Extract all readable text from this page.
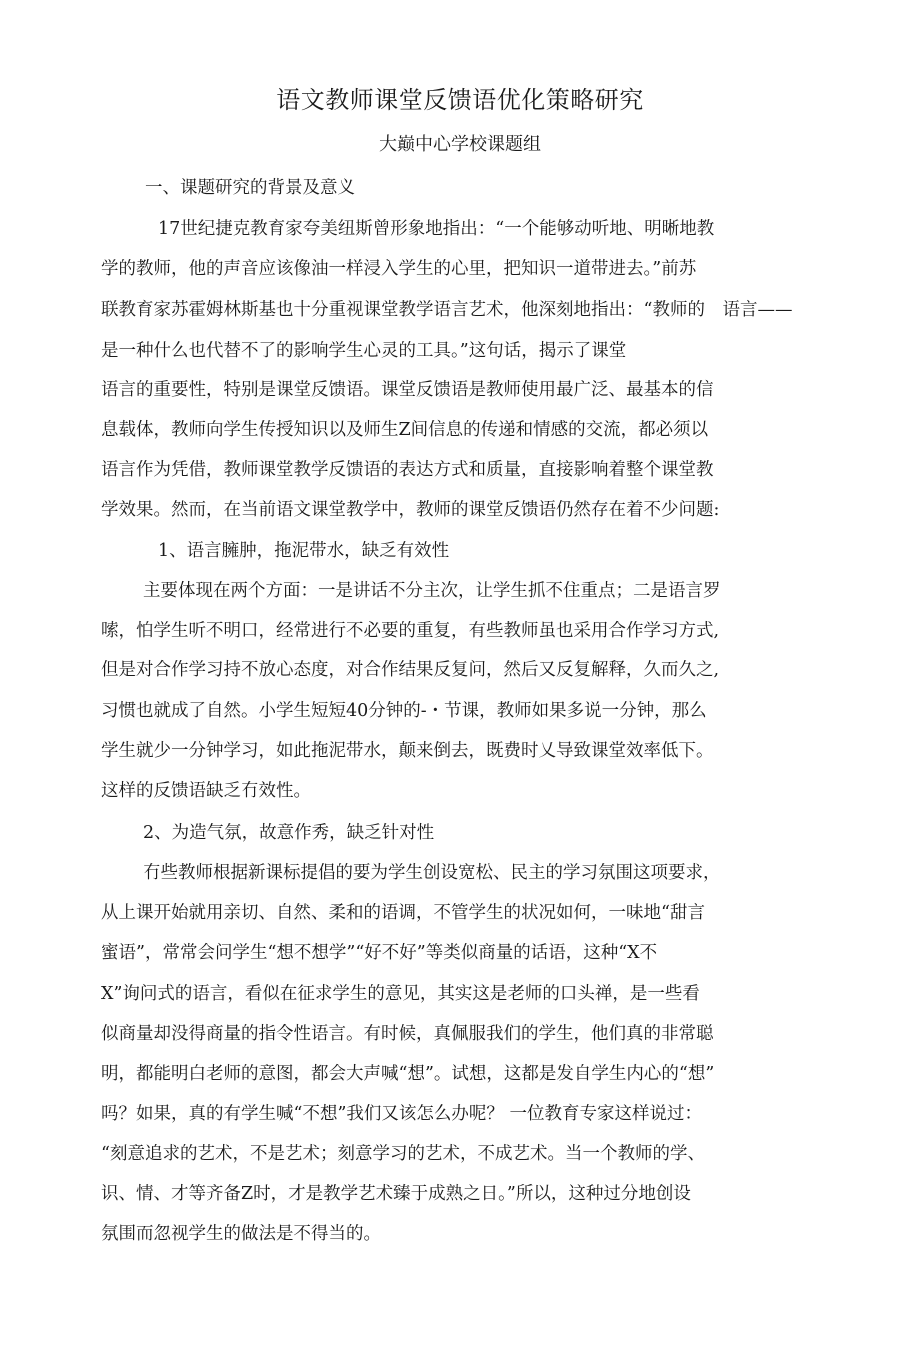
语文教师课堂反馈语优化策略研究
大巅中心学校课题组
一、课题研究的背景及意义
17世纪捷克教育家夸美纽斯曾形象地指出：“一个能够动听地、明晰地教
学的教师，他的声音应该像油一样浸入学生的心里，把知识一道带进去。”前苏
联教育家苏霍姆林斯基也十分重视课堂教学语言艺术，他深刻地指出：“教师的　语言——
是一种什么也代替不了的影响学生心灵的工具。”这句话，揭示了课堂
语言的重要性，特别是课堂反馈语。课堂反馈语是教师使用最广泛、最基本的信
息载体，教师向学生传授知识以及师生Z间信息的传递和情感的交流，都必须以
语言作为凭借，教师课堂教学反馈语的表达方式和质量，直接影响着整个课堂教
学效果。然而，在当前语文课堂教学中，教师的课堂反馈语仍然存在着不少问题:
1、语言臃肿，拖泥带水，缺乏有效性
主要体现在两个方面：一是讲话不分主次，让学生抓不住重点；二是语言罗
嗦，怕学生听不明口，经常进行不必要的重复，有些教师虽也采用合作学习方式,
但是对合作学习持不放心态度，对合作结果反复问，然后又反复解释，久而久之,
习惯也就成了自然。小学生短短40分钟的-・节课，教师如果多说一分钟，那么
学生就少一分钟学习，如此拖泥带水，颠来倒去，既费时乂导致课堂效率低下。
这样的反馈语缺乏冇效性。
2、为造气氛，故意作秀，缺乏针对性
冇些教师根据新课标提倡的要为学生创设宽松、民主的学习氛围这项要求，
从上课开始就用亲切、自然、柔和的语调，不管学生的状况如何，一味地“甜言
蜜语”，常常会问学生“想不想学”“好不好”等类似商量的话语，这种“X不
X”询问式的语言，看似在征求学生的意见，其实这是老师的口头禅，是一些看
似商量却没得商量的指令性语言。有时候，真佩服我们的学生，他们真的非常聪
明，都能明白老师的意图，都会大声喊“想”。试想，这都是发自学生内心的“想”
吗？如果，真的有学生喊“不想”我们又该怎么办呢？ 一位教育专家这样说过：
“刻意追求的艺术，不是艺术；刻意学习的艺术，不成艺术。当一个教师的学、
识、情、才等齐备Z时，才是教学艺术臻于成熟之日。”所以，这种过分地创设
氛围而忽视学生的做法是不得当的。
